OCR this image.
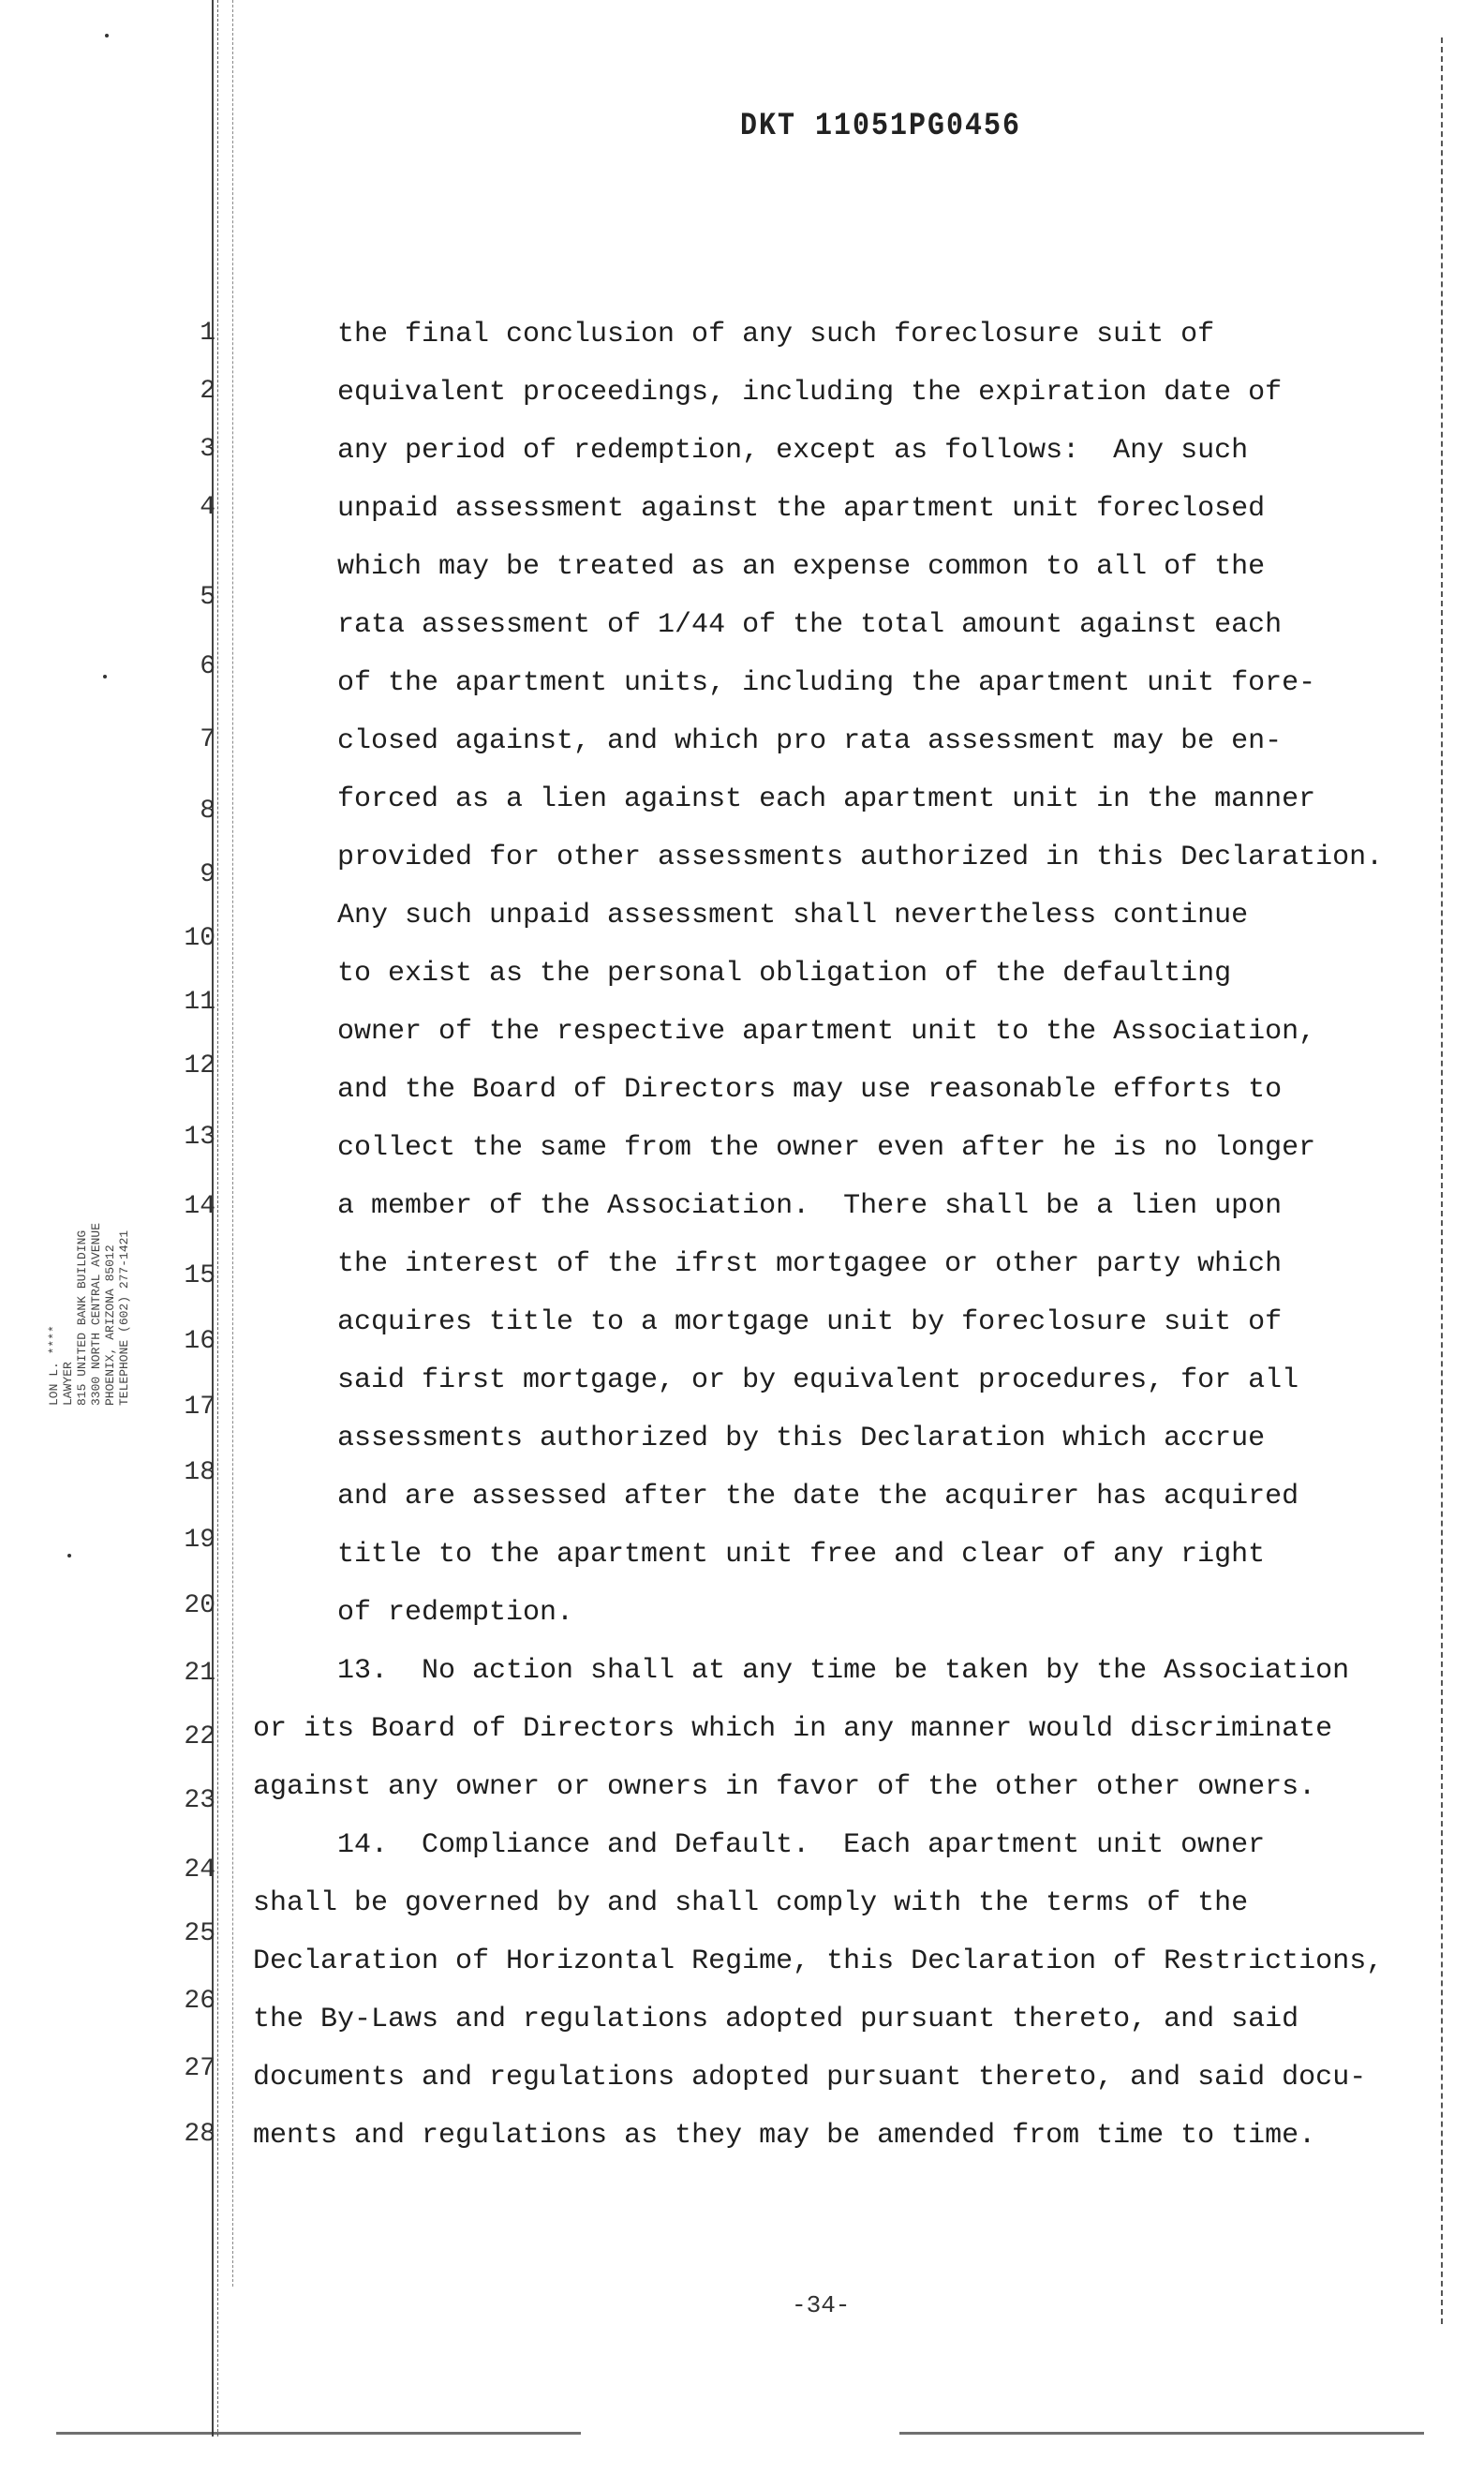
DKT 11051PG0456
LON L. **** LAWYER 815 UNITED BANK BUILDING 3300 NORTH CENTRAL AVENUE PHOENIX, ARIZONA 85012 TELEPHONE (602) 277-1421
1
2
3
4
5
6
7
8
9
10
11
12
13
14
15
16
17
18
19
20
21
22
23
24
25
26
27
28
the final conclusion of any such foreclosure suit of
equivalent proceedings, including the expiration date of
any period of redemption, except as follows:  Any such
unpaid assessment against the apartment unit foreclosed
which may be treated as an expense common to all of the
rata assessment of 1/44 of the total amount against each
of the apartment units, including the apartment unit fore-
closed against, and which pro rata assessment may be en-
forced as a lien against each apartment unit in the manner
provided for other assessments authorized in this Declaration.
Any such unpaid assessment shall nevertheless continue
to exist as the personal obligation of the defaulting
owner of the respective apartment unit to the Association,
and the Board of Directors may use reasonable efforts to
collect the same from the owner even after he is no longer
a member of the Association.  There shall be a lien upon
the interest of the ifrst mortgagee or other party which
acquires title to a mortgage unit by foreclosure suit of
said first mortgage, or by equivalent procedures, for all
assessments authorized by this Declaration which accrue
and are assessed after the date the acquirer has acquired
title to the apartment unit free and clear of any right
of redemption.
13.  No action shall at any time be taken by the Association
or its Board of Directors which in any manner would discriminate
against any owner or owners in favor of the other other owners.
14.  Compliance and Default.  Each apartment unit owner
shall be governed by and shall comply with the terms of the
Declaration of Horizontal Regime, this Declaration of Restrictions,
the By-Laws and regulations adopted pursuant thereto, and said
documents and regulations adopted pursuant thereto, and said docu-
ments and regulations as they may be amended from time to time.
-34-
